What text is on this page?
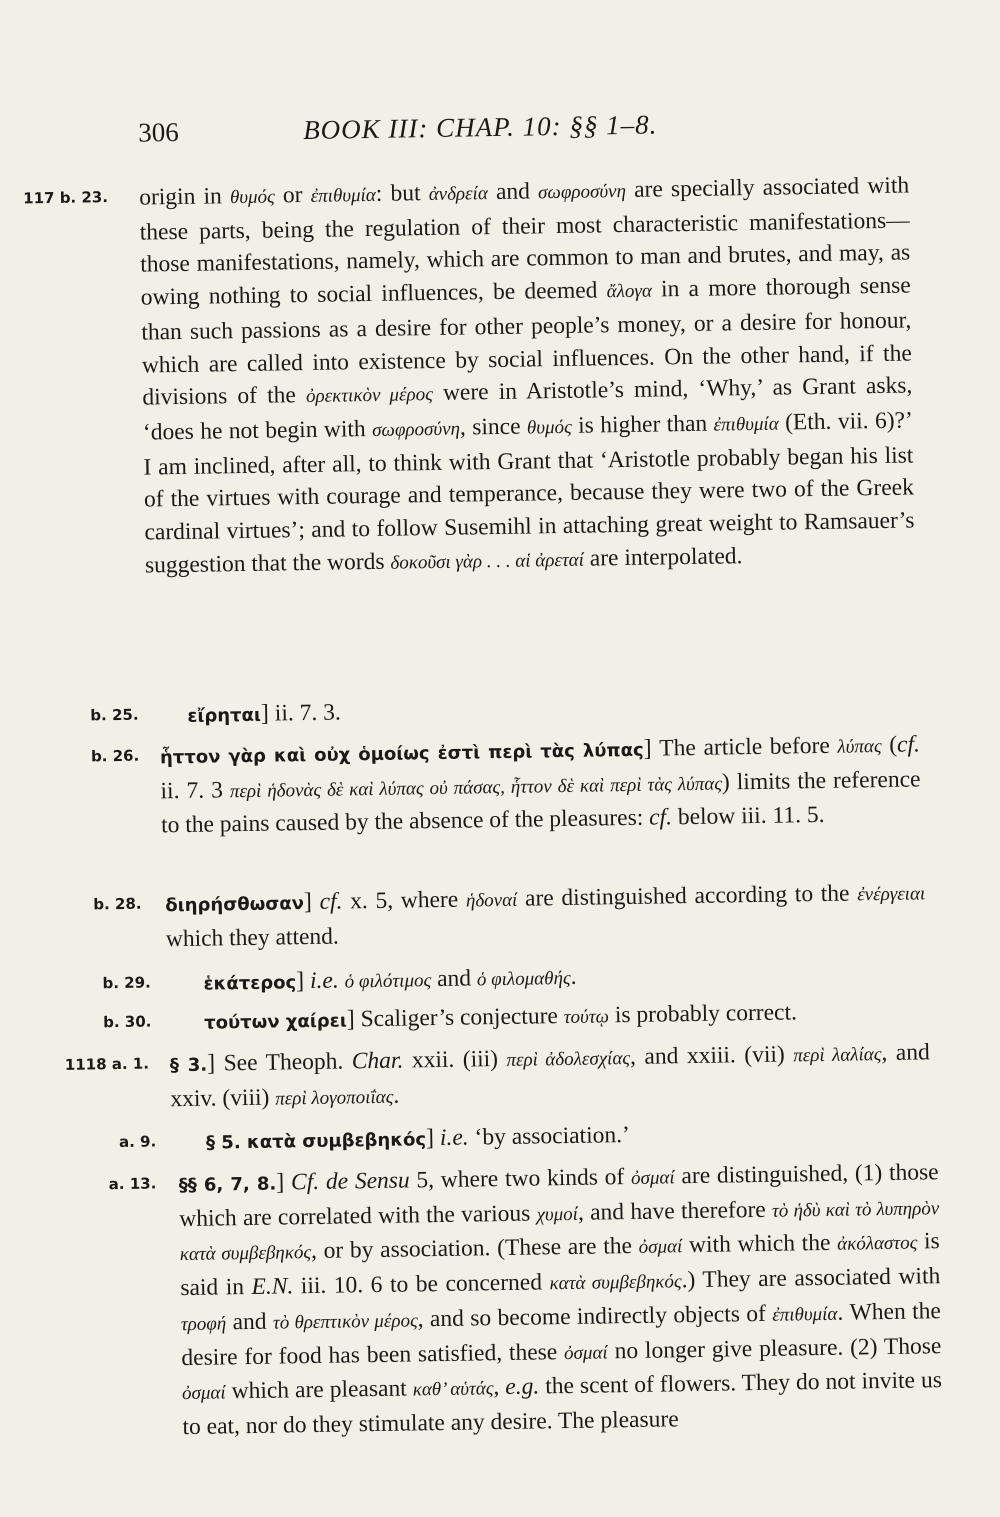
306	BOOK III: CHAP. 10: §§ 1–8.
117 b. 23. origin in θυμός or ἐπιθυμία: but ἀνδρεία and σωφροσύνη are specially associated with these parts, being the regulation of their most characteristic manifestations—those manifestations, namely, which are common to man and brutes, and may, as owing nothing to social influences, be deemed ἄλογα in a more thorough sense than such passions as a desire for other people’s money, or a desire for honour, which are called into existence by social influences. On the other hand, if the divisions of the ὀρεκτικὸν μέρος were in Aristotle’s mind, ‘Why,’ as Grant asks, ‘does he not begin with σωφροσύνη, since θυμός is higher than ἐπιθυμία (Eth. vii. 6)?’ I am inclined, after all, to think with Grant that ‘Aristotle probably began his list of the virtues with courage and temperance, because they were two of the Greek cardinal virtues’; and to follow Susemihl in attaching great weight to Ramsauer’s suggestion that the words δοκοῦσι γὰρ . . . αἱ ἀρεταί are interpolated.
b. 25.	εἴρηται] ii. 7. 3.
b. 26. ἧττον γὰρ καὶ οὐχ ὁμοίως ἐστὶ περὶ τὰς λύπας] The article before λύπας (cf. ii. 7. 3 περὶ ἡδονὰς δὲ καὶ λύπας οὐ πάσας, ἧττον δὲ καὶ περὶ τὰς λύπας) limits the reference to the pains caused by the absence of the pleasures: cf. below iii. 11. 5.
b. 28. διηρήσθωσαν] cf. x. 5, where ἡδοναί are distinguished according to the ἐνέργειαι which they attend.
b. 29.	ἑκάτερος] i.e. ὁ φιλότιμος and ὁ φιλομαθής.
b. 30.	τούτων χαίρει] Scaliger’s conjecture τούτῳ is probably correct.
1118 a. 1. § 3.] See Theoph. Char. xxii. (iii) περὶ ἀδολεσχίας, and xxiii. (vii) περὶ λαλίας, and xxiv. (viii) περὶ λογοποιΐας.
a. 9.	§ 5. κατὰ συμβεβηκός] i.e. ‘by association.’
a. 13. §§ 6, 7, 8.] Cf. de Sensu 5, where two kinds of ὀσμαί are distinguished, (1) those which are correlated with the various χυμοί, and have therefore τὸ ἡδὺ καὶ τὸ λυπηρὸν κατὰ συμβεβηκός, or by association. (These are the ὀσμαί with which the ἀκόλαστος is said in E.N. iii. 10. 6 to be concerned κατὰ συμβεβηκός.) They are associated with τροφή and τὸ θρεπτικὸν μέρος, and so become indirectly objects of ἐπιθυμία. When the desire for food has been satisfied, these ὀσμαί no longer give pleasure. (2) Those ὀσμαί which are pleasant καθ’ αὑτάς, e.g. the scent of flowers. They do not invite us to eat, nor do they stimulate any desire. The pleasure
